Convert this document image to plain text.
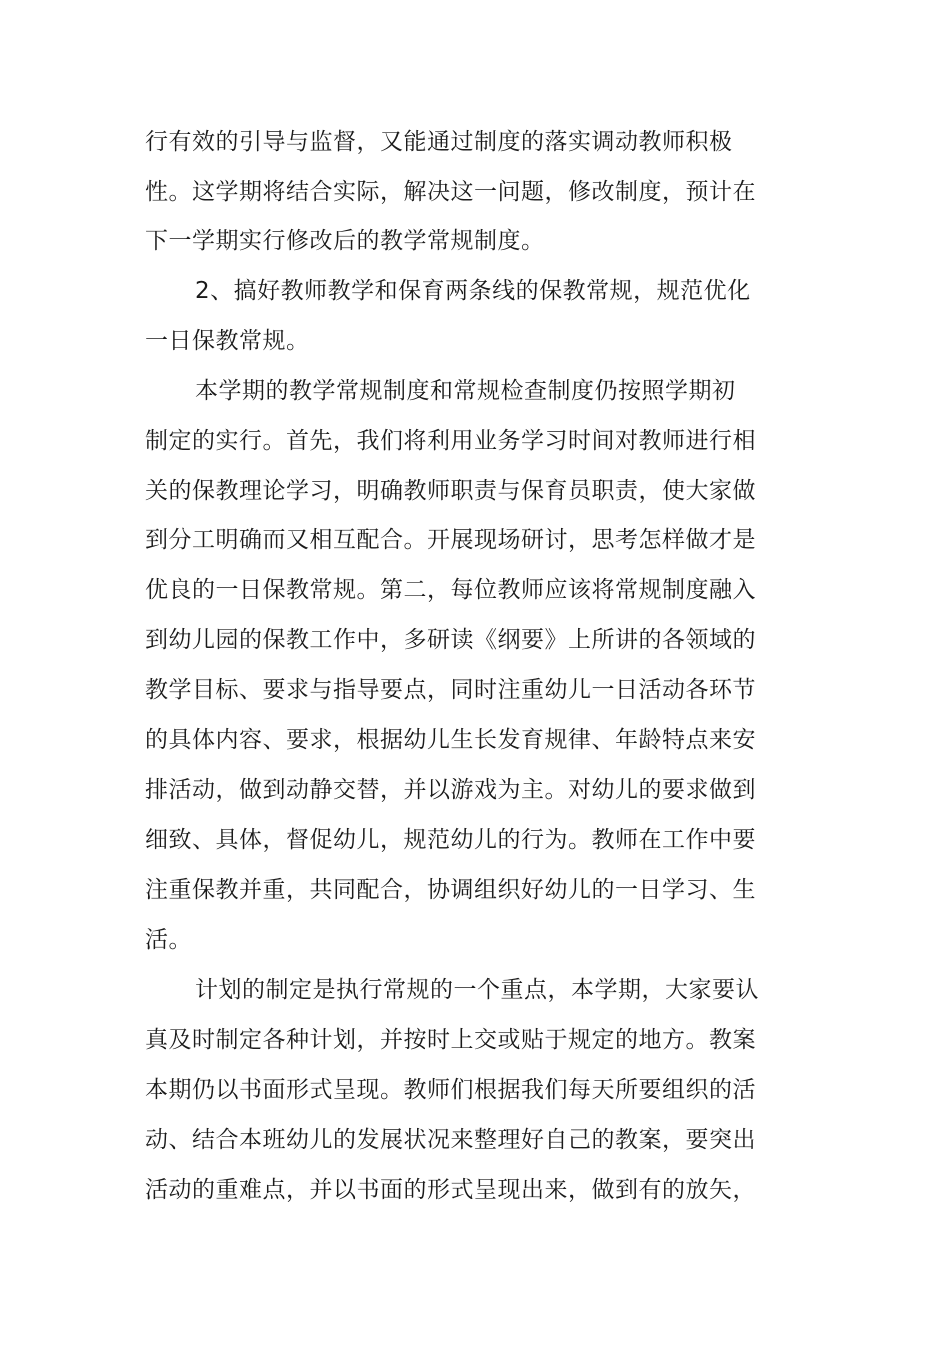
行有效的引导与监督，又能通过制度的落实调动教师积极
性。这学期将结合实际，解决这一问题，修改制度，预计在
下一学期实行修改后的教学常规制度。
2、搞好教师教学和保育两条线的保教常规，规范优化
一日保教常规。
本学期的教学常规制度和常规检查制度仍按照学期初
制定的实行。首先，我们将利用业务学习时间对教师进行相
关的保教理论学习，明确教师职责与保育员职责，使大家做
到分工明确而又相互配合。开展现场研讨，思考怎样做才是
优良的一日保教常规。第二，每位教师应该将常规制度融入
到幼儿园的保教工作中，多研读《纲要》上所讲的各领域的
教学目标、要求与指导要点，同时注重幼儿一日活动各环节
的具体内容、要求，根据幼儿生长发育规律、年龄特点来安
排活动，做到动静交替，并以游戏为主。对幼儿的要求做到
细致、具体，督促幼儿，规范幼儿的行为。教师在工作中要
注重保教并重，共同配合，协调组织好幼儿的一日学习、生
活。
计划的制定是执行常规的一个重点，本学期，大家要认
真及时制定各种计划，并按时上交或贴于规定的地方。教案
本期仍以书面形式呈现。教师们根据我们每天所要组织的活
动、结合本班幼儿的发展状况来整理好自己的教案，要突出
活动的重难点，并以书面的形式呈现出来，做到有的放矢，
